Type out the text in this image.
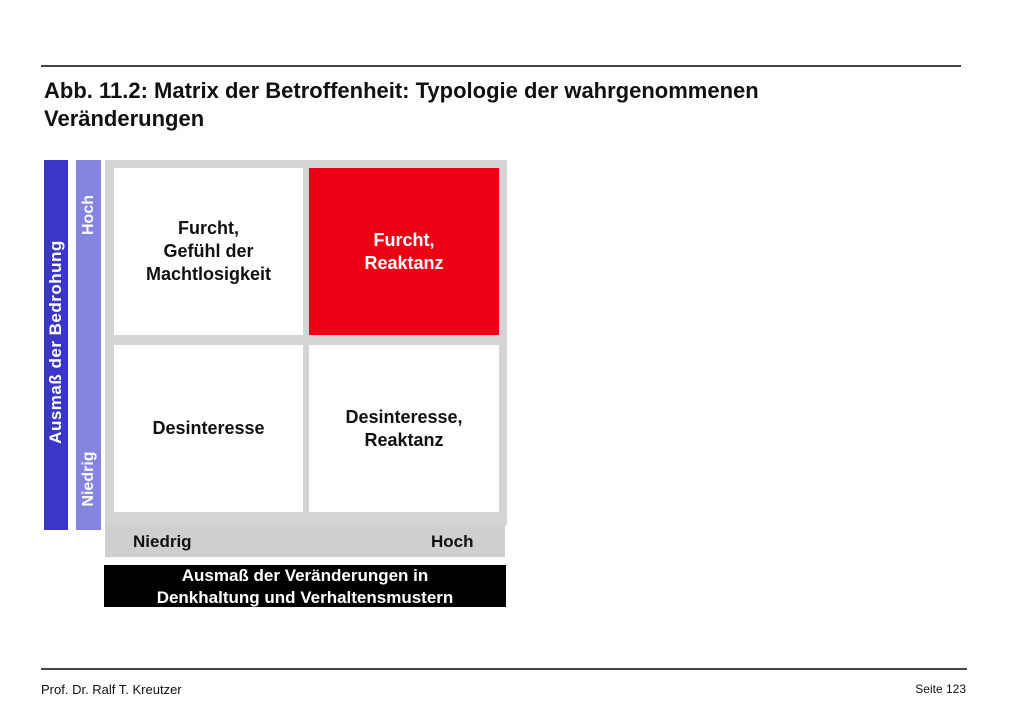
Abb. 11.2: Matrix der Betroffenheit: Typologie der wahrgenommenen
Veränderungen
Ausmaß der Bedrohung
Hoch
Niedrig
Furcht,
Gefühl der
Machtlosigkeit
Furcht,
Reaktanz
Desinteresse
Desinteresse,
Reaktanz
Niedrig	Hoch
Ausmaß der Veränderungen in
Denkhaltung und Verhaltensmustern
Prof. Dr. Ralf T. Kreutzer	Seite 123
